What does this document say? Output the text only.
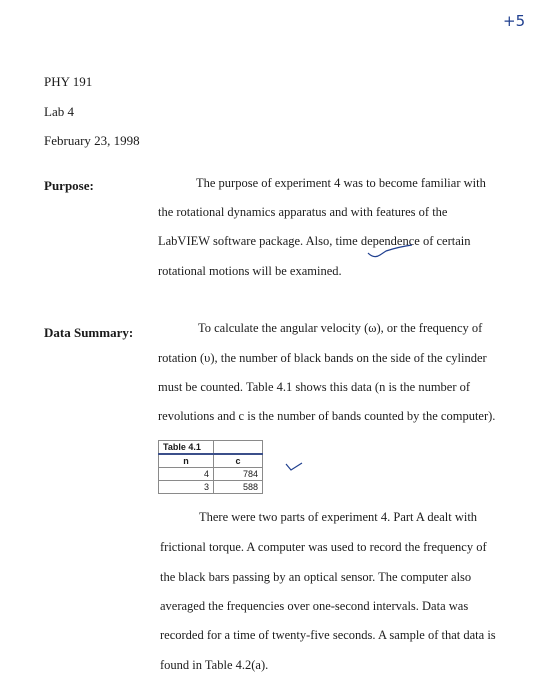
+5
PHY 191
Lab 4
February 23, 1998
Purpose:	The purpose of experiment 4 was to become familiar with
the rotational dynamics apparatus and with features of the
LabVIEW software package. Also, time dependence of certain
rotational motions will be examined.
Data Summary:	To calculate the angular velocity (ω), or the frequency of
rotation (υ), the number of black bands on the side of the cylinder
must be counted. Table 4.1 shows this data (n is the number of
revolutions and c is the number of bands counted by the computer).
Table 4.1	
n	c
4	784
3	588
There were two parts of experiment 4. Part A dealt with
frictional torque. A computer was used to record the frequency of
the black bars passing by an optical sensor. The computer also
averaged the frequencies over one-second intervals. Data was
recorded for a time of twenty-five seconds. A sample of that data is
found in Table 4.2(a).
